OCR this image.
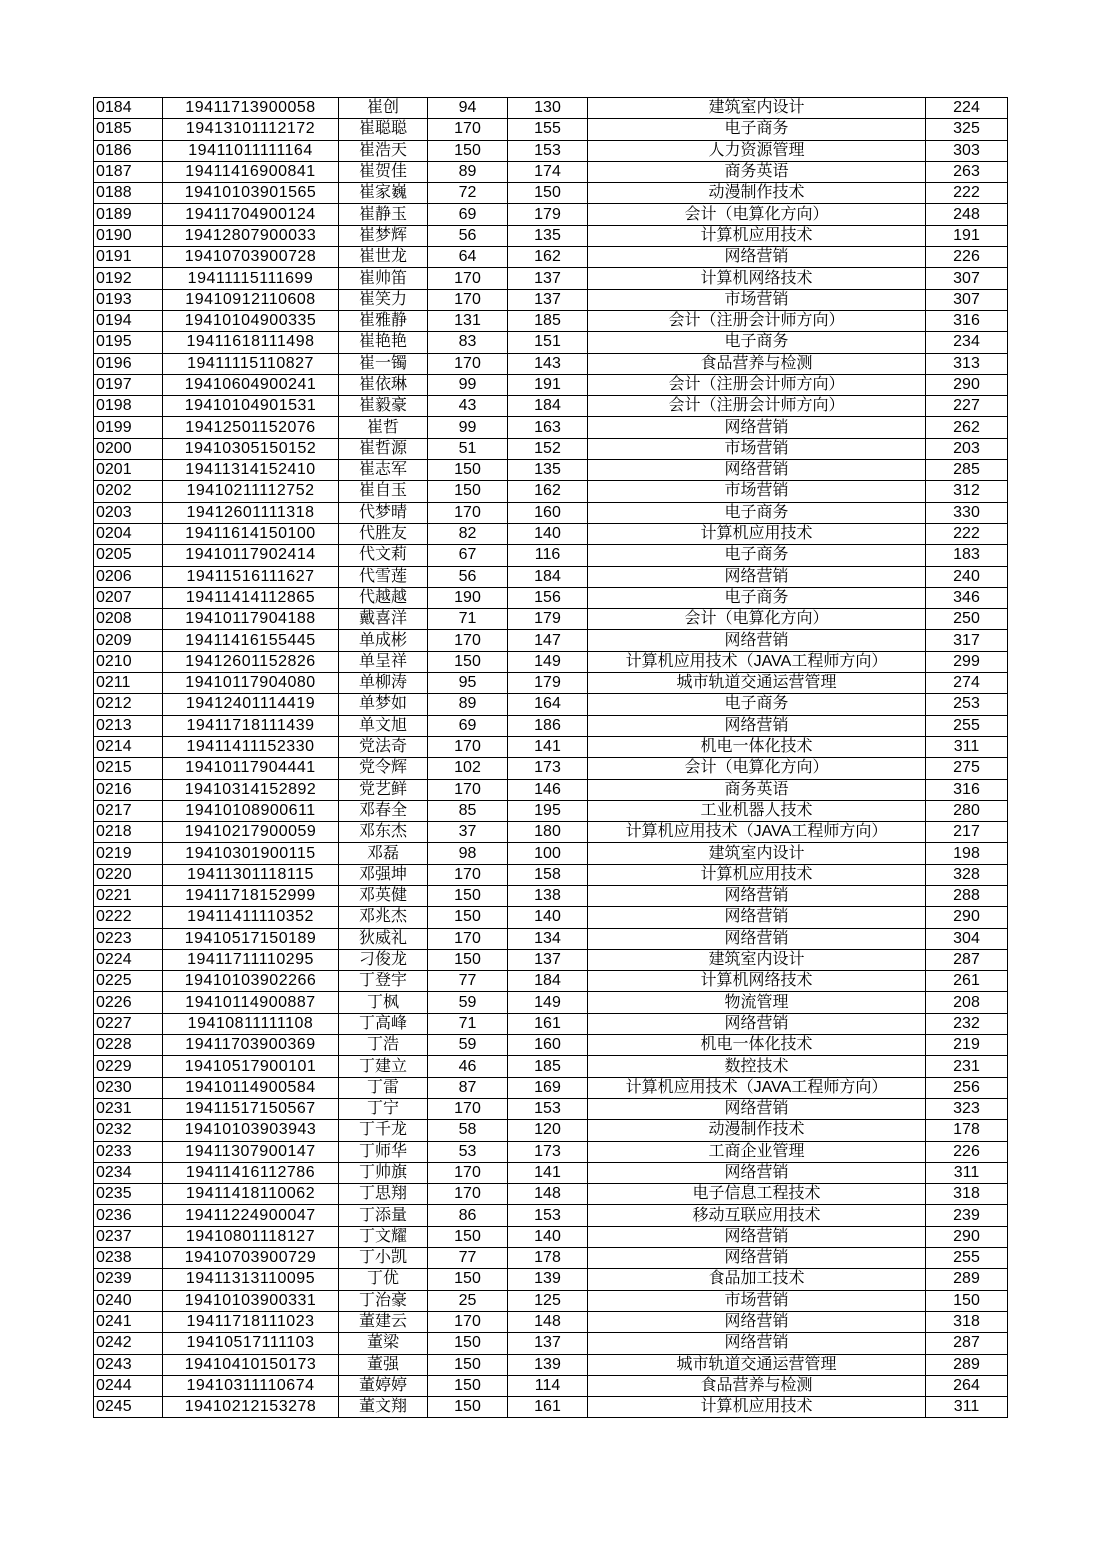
0184	19411713900058	崔创	94	130	建筑室内设计	224
0185	19413101112172	崔聪聪	170	155	电子商务	325
0186	19411011111164	崔浩天	150	153	人力资源管理	303
0187	19411416900841	崔贺佳	89	174	商务英语	263
0188	19410103901565	崔家巍	72	150	动漫制作技术	222
0189	19411704900124	崔静玉	69	179	会计（电算化方向）	248
0190	19412807900033	崔梦辉	56	135	计算机应用技术	191
0191	19410703900728	崔世龙	64	162	网络营销	226
0192	19411115111699	崔帅笛	170	137	计算机网络技术	307
0193	19410912110608	崔笑力	170	137	市场营销	307
0194	19410104900335	崔雅静	131	185	会计（注册会计师方向）	316
0195	19411618111498	崔艳艳	83	151	电子商务	234
0196	19411115110827	崔一镯	170	143	食品营养与检测	313
0197	19410604900241	崔依琳	99	191	会计（注册会计师方向）	290
0198	19410104901531	崔毅豪	43	184	会计（注册会计师方向）	227
0199	19412501152076	崔哲	99	163	网络营销	262
0200	19410305150152	崔哲源	51	152	市场营销	203
0201	19411314152410	崔志军	150	135	网络营销	285
0202	19410211112752	崔自玉	150	162	市场营销	312
0203	19412601111318	代梦晴	170	160	电子商务	330
0204	19411614150100	代胜友	82	140	计算机应用技术	222
0205	19410117902414	代文莉	67	116	电子商务	183
0206	19411516111627	代雪莲	56	184	网络营销	240
0207	19411414112865	代越越	190	156	电子商务	346
0208	19410117904188	戴喜洋	71	179	会计（电算化方向）	250
0209	19411416155445	单成彬	170	147	网络营销	317
0210	19412601152826	单呈祥	150	149	计算机应用技术（JAVA工程师方向）	299
0211	19410117904080	单柳涛	95	179	城市轨道交通运营管理	274
0212	19412401114419	单梦如	89	164	电子商务	253
0213	19411718111439	单文旭	69	186	网络营销	255
0214	19411411152330	党法奇	170	141	机电一体化技术	311
0215	19410117904441	党令辉	102	173	会计（电算化方向）	275
0216	19410314152892	党艺鲜	170	146	商务英语	316
0217	19410108900611	邓春全	85	195	工业机器人技术	280
0218	19410217900059	邓东杰	37	180	计算机应用技术（JAVA工程师方向）	217
0219	19410301900115	邓磊	98	100	建筑室内设计	198
0220	19411301118115	邓强坤	170	158	计算机应用技术	328
0221	19411718152999	邓英健	150	138	网络营销	288
0222	19411411110352	邓兆杰	150	140	网络营销	290
0223	19410517150189	狄威礼	170	134	网络营销	304
0224	19411711110295	刁俊龙	150	137	建筑室内设计	287
0225	19410103902266	丁登宇	77	184	计算机网络技术	261
0226	19410114900887	丁枫	59	149	物流管理	208
0227	19410811111108	丁高峰	71	161	网络营销	232
0228	19411703900369	丁浩	59	160	机电一体化技术	219
0229	19410517900101	丁建立	46	185	数控技术	231
0230	19410114900584	丁雷	87	169	计算机应用技术（JAVA工程师方向）	256
0231	19411517150567	丁宁	170	153	网络营销	323
0232	19410103903943	丁千龙	58	120	动漫制作技术	178
0233	19411307900147	丁师华	53	173	工商企业管理	226
0234	19411416112786	丁帅旗	170	141	网络营销	311
0235	19411418110062	丁思翔	170	148	电子信息工程技术	318
0236	19411224900047	丁添量	86	153	移动互联应用技术	239
0237	19410801118127	丁文耀	150	140	网络营销	290
0238	19410703900729	丁小凯	77	178	网络营销	255
0239	19411313110095	丁优	150	139	食品加工技术	289
0240	19410103900331	丁治豪	25	125	市场营销	150
0241	19411718111023	董建云	170	148	网络营销	318
0242	19410517111103	董梁	150	137	网络营销	287
0243	19410410150173	董强	150	139	城市轨道交通运营管理	289
0244	19410311110674	董婷婷	150	114	食品营养与检测	264
0245	19410212153278	董文翔	150	161	计算机应用技术	311
